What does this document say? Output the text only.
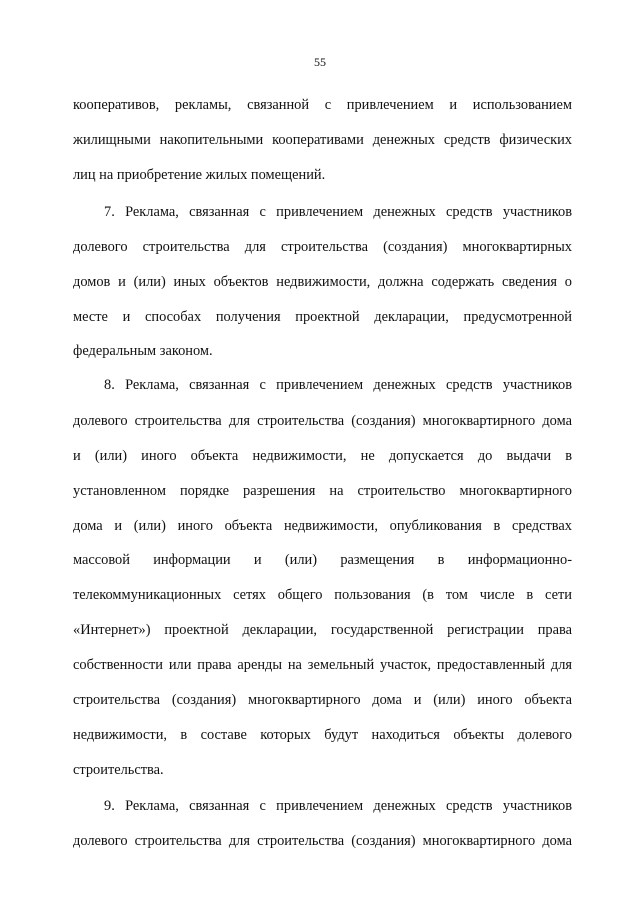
55
кооперативов, рекламы, связанной с привлечением и использованием
жилищными накопительными кооперативами денежных средств физических
лиц на приобретение жилых помещений.
7. Реклама, связанная с привлечением денежных средств участников
долевого строительства для строительства (создания) многоквартирных
домов и (или) иных объектов недвижимости, должна содержать сведения о
месте и способах получения проектной декларации, предусмотренной
федеральным законом.
8. Реклама, связанная с привлечением денежных средств участников
долевого строительства для строительства (создания) многоквартирного дома
и (или) иного объекта недвижимости, не допускается до выдачи в
установленном порядке разрешения на строительство многоквартирного
дома и (или) иного объекта недвижимости, опубликования в средствах
массовой информации и (или) размещения в информационно-
телекоммуникационных сетях общего пользования (в том числе в сети
«Интернет») проектной декларации, государственной регистрации права
собственности или права аренды на земельный участок, предоставленный для
строительства (создания) многоквартирного дома и (или) иного объекта
недвижимости, в составе которых будут находиться объекты долевого
строительства.
9. Реклама, связанная с привлечением денежных средств участников
долевого строительства для строительства (создания) многоквартирного дома
